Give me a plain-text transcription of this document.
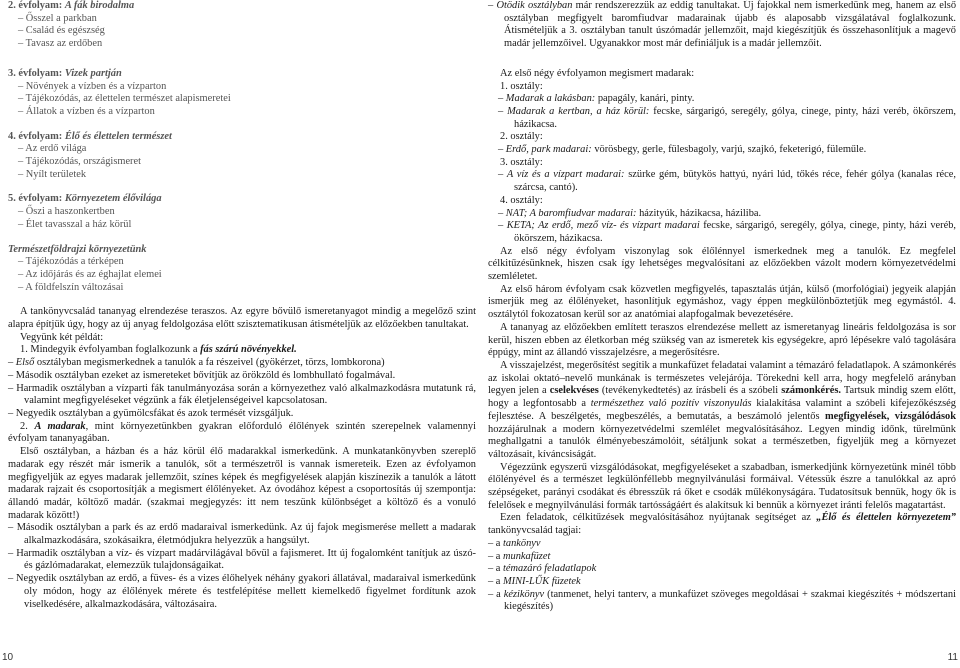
2. évfolyam: A fák birodalma

– Ősszel a parkban

– Család és egészség

– Tavasz az erdőben

3. évfolyam: Vizek partján

– Növények a vízben és a vízparton

– Tájékozódás, az élettelen természet alapismeretei

– Állatok a vízben és a vízparton

4. évfolyam: Élő és élettelen természet

– Az erdő világa

– Tájékozódás, országismeret

– Nyílt területek

5. évfolyam: Környezetem élővilága

– Őszi a haszonkertben

– Élet tavasszal a ház körül

Természetföldrajzi környezetünk

– Tájékozódás a térképen

– Az időjárás és az éghajlat elemei

– A földfelszín változásai

A tankönyvcsalád tananyag elrendezése teraszos. Az egyre bővülő ismeretanyagot mindig a megelőző szint alapra építjük úgy, hogy az új anyag feldolgozása előtt szisztematikusan átismételjük az előzőekben tanultakat.

Vegyünk két példát:

1. Mindegyik évfolyamban foglalkozunk a fás szárú növényekkel.

– Első osztályban megismerkednek a tanulók a fa részeivel (gyökérzet, törzs, lombkorona)

– Második osztályban ezeket az ismereteket bővítjük az örökzöld és lombhullató fogalmával.

– Harmadik osztályban a vízparti fák tanulmányozása során a környezethez való alkalmazkodásra mutatunk rá, valamint megfigyeléseket végzünk a fák életjelenségeivel kapcsolatosan.

– Negyedik osztályban a gyümölcsfákat és azok termését vizsgáljuk.

2. A madarak, mint környezetünkben gyakran előforduló élőlények szintén szerepelnek valamennyi évfolyam tananyagában.

Első osztályban, a házban és a ház körül élő madarakkal ismerkedünk. A munkatankönyvben szereplő madarak egy részét már ismerik a tanulók, sőt a természetről is vannak ismereteik. Ezen az évfolyamon megfigyeljük az egyes madarak jellemzőit, színes képek és megfigyelések alapján kiszínezik a tanulók a látott madarak rajzait és csoportosítják a megismert élőlényeket. Az óvodához képest a csoportosítás új szempontja: állandó madár, költöző madár. (szakmai megjegyzés: itt nem teszünk különbséget a költöző és a vonuló madarak között!)

– Második osztályban a park és az erdő madaraival ismerkedünk. Az új fajok megismerése mellett a madarak alkalmazkodására, szokásaikra, életmódjukra helyezzük a hangsúlyt.

– Harmadik osztályban a víz- és vízpart madárvilágával bővül a fajismeret. Itt új fogalomként tanítjuk az úszó- és gázlómadarakat, elemezzük tulajdonságaikat.

– Negyedik osztályban az erdő, a füves- és a vizes élőhelyek néhány gyakori állatával, madaraival ismerkedünk oly módon, hogy az élőlények mérete és testfelépítése mellett kiemelkedő figyelmet fordítunk azok viselkedésére, alkalmazkodására, változásaira.

– Ötödik osztályban már rendszerezzük az eddig tanultakat. Új fajokkal nem ismerkedünk meg, hanem az első osztályban megfigyelt baromfiudvar madarainak újabb és alaposabb vizsgálatával foglalkozunk. Átismételjük a 3. osztályban tanult úszómadár jellemzőit, majd kiegészítjük és összehasonlítjuk a magevő madár jellemzőivel. Ugyanakkor most már definiáljuk is a madár jellemzőit.

Az első négy évfolyamon megismert madarak:

1. osztály:

– Madarak a lakásban: papagály, kanári, pinty.

– Madarak a kertban, a ház körül: fecske, sárgarigó, seregély, gólya, cinege, pinty, házi veréb, ökörszem, házikacsa.

2. osztály:

– Erdő, park madarai: vörösbegy, gerle, fülesbagoly, varjú, szajkó, feketerigó, füleműle.

3. osztály:

– A víz és a vízpart madarai: szürke gém, bütykös hattyú, nyári lúd, tőkés réce, fehér gólya (kanalas réce, szárcsa, cantó).

4. osztály:

– NAT; A baromfiudvar madarai: házityúk, házikacsa, háziliba.

– KETA; Az erdő, mező víz- és vízpart madarai fecske, sárgarigó, seregély, gólya, cinege, pinty, házi veréb, ökörszem, házikacsa.

Az első négy évfolyam viszonylag sok élőlénnyel ismerkednek meg a tanulók. Ez megfelel célkitűzésünknek, hiszen csak így lehetséges megvalósítani az előzőekben vázolt modern környezetvédelmi szemléletet.

Az első három évfolyam csak közvetlen megfigyelés, tapasztalás útján, külső (morfológiai) jegyeik alapján ismerjük meg az élőlényeket, hasonlítjuk egymáshoz, vagy éppen megkülönböztetjük meg egymástól. 4. osztálytól fokozatosan kerül sor az anatómiai alapfogalmak bevezetésére.

A tananyag az előzőekben említett teraszos elrendezése mellett az ismeretanyag lineáris feldolgozása is sor kerül, hiszen ebben az életkorban még szükség van az ismeretek kis egységekre, apró lépésekre való tagolására éppúgy, mint az állandó visszajelzésre, a megerősítésre.

A visszajelzést, megerősítést segítik a munkafüzet feladatai valamint a témazáró feladatlapok. A számonkérés az iskolai oktató–nevelő munkának is természetes velejárója. Törekedni kell arra, hogy megfelelő arányban legyen jelen a cselekvéses (tevékenykedtetés) az írásbeli és a szóbeli számonkérés. Tartsuk mindig szem előtt, hogy a legfontosabb a természethez való pozitív viszonyulás kialakítása valamint a szóbeli kifejezőkészség fejlesztése. A beszélgetés, megbeszélés, a bemutatás, a beszámoló jelentős megfigyelések, vizsgálódások hozzájárulnak a modern környezetvédelmi szemlélet megvalósításához. Legyen mindig időnk, türelmünk meghallgatni a tanulók élményebeszámolóit, sétáljunk sokat a természetben, figyeljük meg a környezet változásait, kíváncsiságát.

Végezzünk egyszerű vizsgálódásokat, megfigyeléseket a szabadban, ismerkedjünk környezetünk minél több élőlényével és a természet legkülönféllebb megnyilvánulási formáival. Vétessük észre a tanulókkal az apró szépségeket, parányi csodákat és ébresszük rá őket e csodák műlékonyságára. Tudatosítsuk bennük, hogy ők is felelősek e megnyilvánulási formák tartósságáért és alakítsuk ki bennük a környezet iránti felelős magatartást.

Ezen feladatok, célkitűzések megvalósításához nyújtanak segítséget az „Élő és élettelen környezetem” tankönyvcsalád tagjai:

– a tankönyv

– a munkafüzet

– a témazáró feladatlapok

– a MINI-LŰK füzetek

– a kézikönyv (tanmenet, helyi tanterv, a munkafüzet szöveges megoldásai + szakmai kiegészítés + módszertani kiegészítés)

10	11
